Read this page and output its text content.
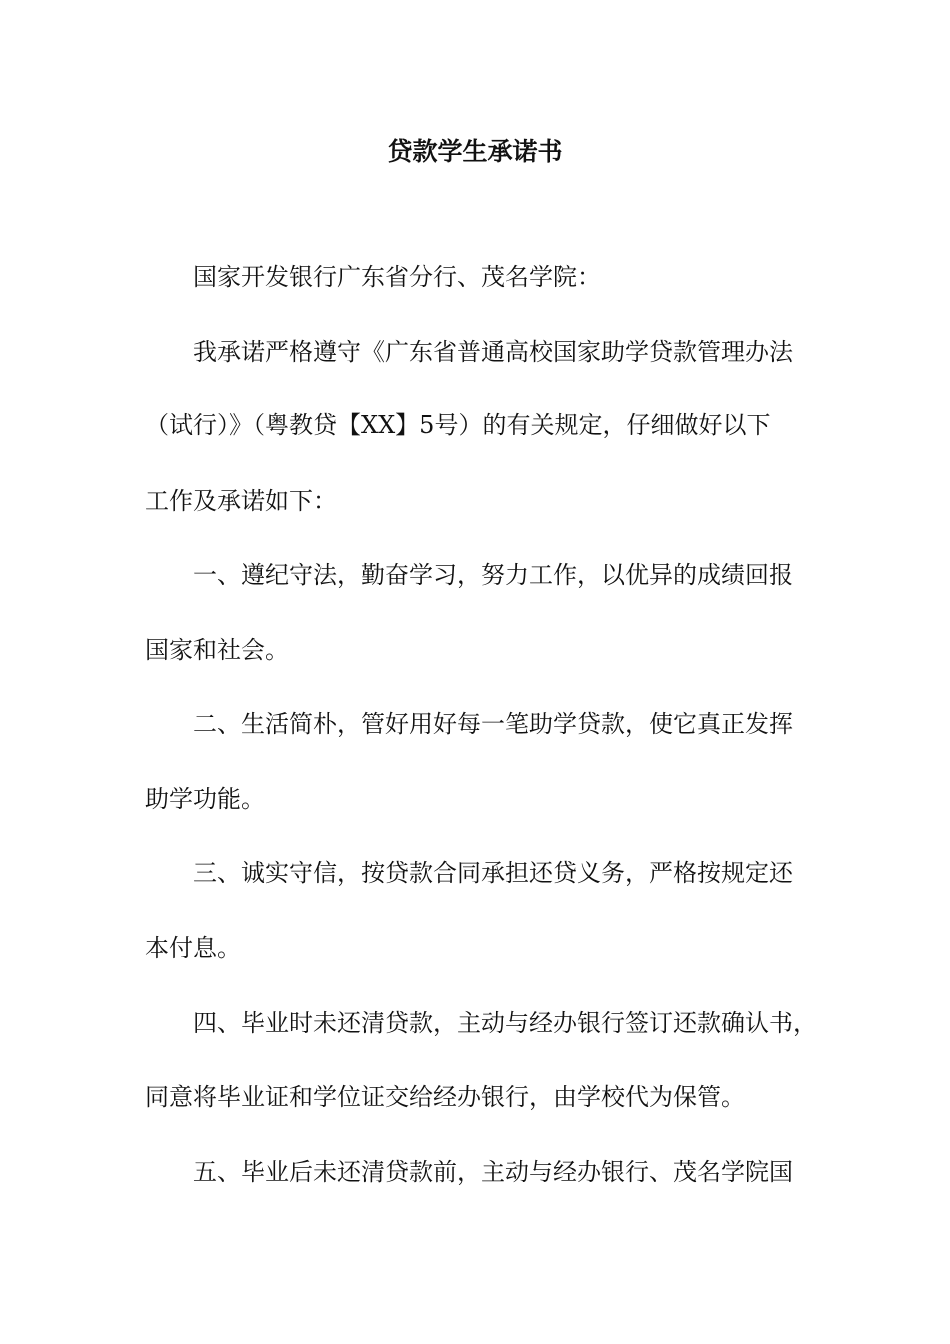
贷款学生承诺书
国家开发银行广东省分行、茂名学院：
我承诺严格遵守《广东省普通高校国家助学贷款管理办法
（试行）》（粤教贷【XX】5号）的有关规定，仔细做好以下
工作及承诺如下：
一、遵纪守法，勤奋学习，努力工作，以优异的成绩回报
国家和社会。
二、生活简朴，管好用好每一笔助学贷款，使它真正发挥
助学功能。
三、诚实守信，按贷款合同承担还贷义务，严格按规定还
本付息。
四、毕业时未还清贷款，主动与经办银行签订还款确认书，
同意将毕业证和学位证交给经办银行，由学校代为保管。
五、毕业后未还清贷款前，主动与经办银行、茂名学院国
